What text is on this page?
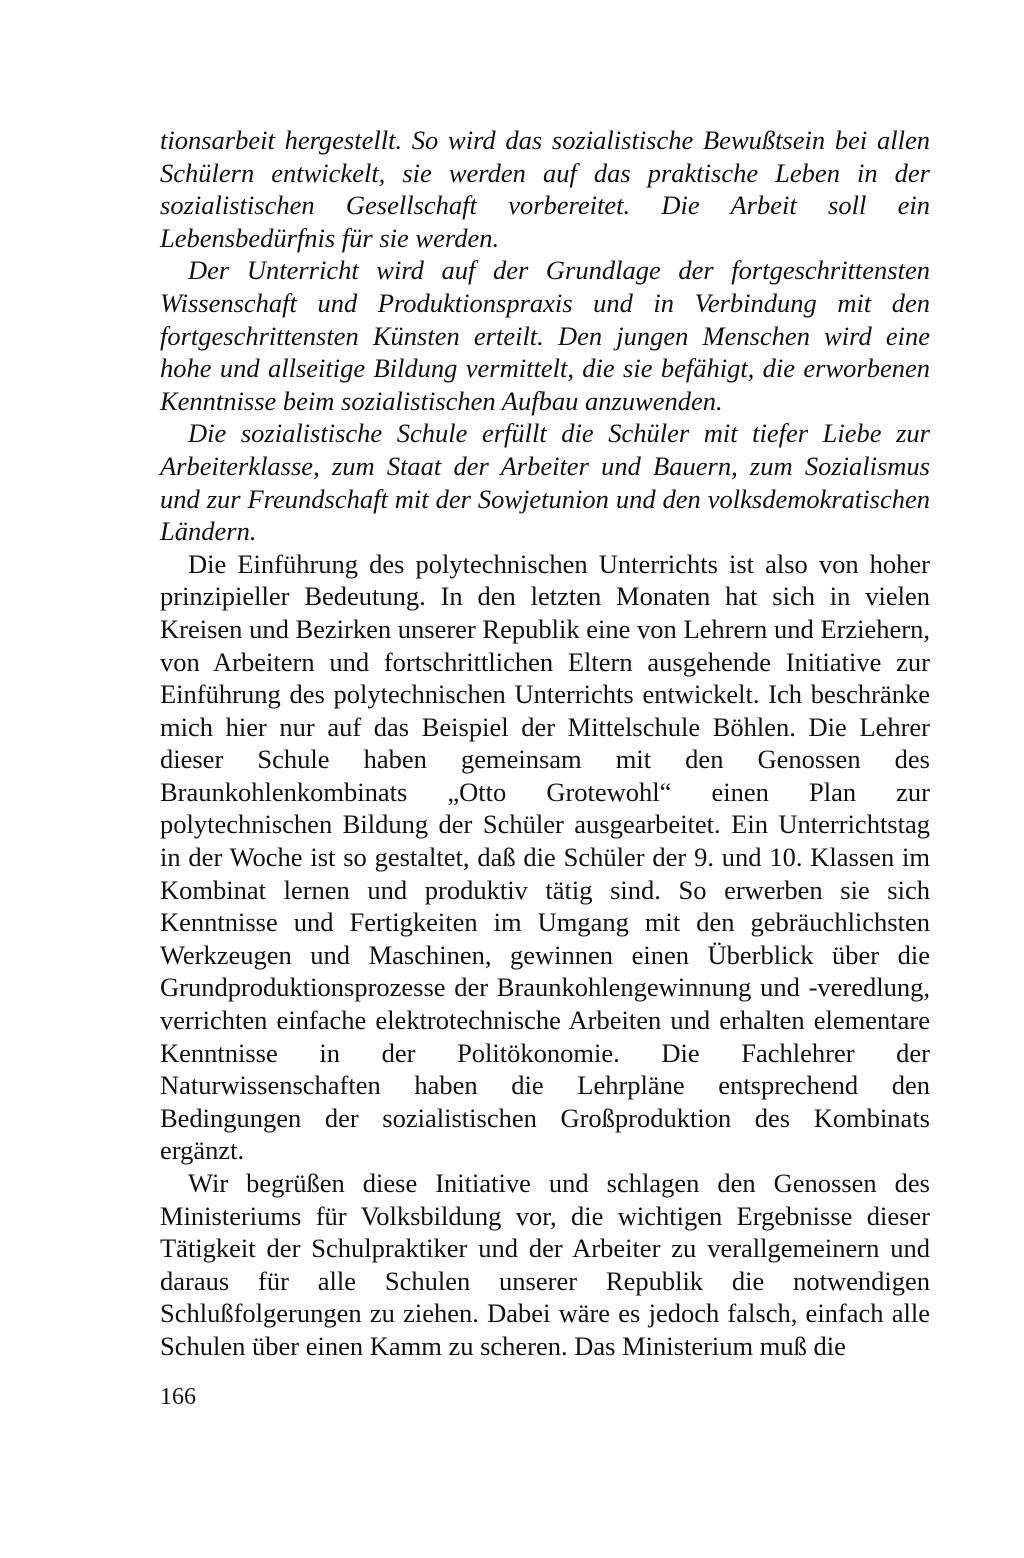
tionsarbeit hergestellt. So wird das sozialistische Bewußtsein bei allen Schülern entwickelt, sie werden auf das praktische Leben in der sozialistischen Gesellschaft vorbereitet. Die Arbeit soll ein Lebensbedürfnis für sie werden.

Der Unterricht wird auf der Grundlage der fortgeschrittensten Wissenschaft und Produktionspraxis und in Verbindung mit den fortgeschrittensten Künsten erteilt. Den jungen Menschen wird eine hohe und allseitige Bildung vermittelt, die sie befähigt, die erworbenen Kenntnisse beim sozialistischen Aufbau anzuwenden.

Die sozialistische Schule erfüllt die Schüler mit tiefer Liebe zur Arbeiterklasse, zum Staat der Arbeiter und Bauern, zum Sozialismus und zur Freundschaft mit der Sowjetunion und den volksdemokratischen Ländern.

Die Einführung des polytechnischen Unterrichts ist also von hoher prinzipieller Bedeutung. In den letzten Monaten hat sich in vielen Kreisen und Bezirken unserer Republik eine von Lehrern und Erziehern, von Arbeitern und fortschrittlichen Eltern ausgehende Initiative zur Einführung des polytechnischen Unterrichts entwickelt. Ich beschränke mich hier nur auf das Beispiel der Mittelschule Böhlen. Die Lehrer dieser Schule haben gemeinsam mit den Genossen des Braunkohlenkombinats „Otto Grotewohl“ einen Plan zur polytechnischen Bildung der Schüler ausgearbeitet. Ein Unterrichtstag in der Woche ist so gestaltet, daß die Schüler der 9. und 10. Klassen im Kombinat lernen und produktiv tätig sind. So erwerben sie sich Kenntnisse und Fertigkeiten im Umgang mit den gebräuchlichsten Werkzeugen und Maschinen, gewinnen einen Überblick über die Grundproduktionsprozesse der Braunkohlengewinnung und -veredlung, verrichten einfache elektrotechnische Arbeiten und erhalten elementare Kenntnisse in der Politökonomie. Die Fachlehrer der Naturwissenschaften haben die Lehrpläne entsprechend den Bedingungen der sozialistischen Großproduktion des Kombinats ergänzt.

Wir begrüßen diese Initiative und schlagen den Genossen des Ministeriums für Volksbildung vor, die wichtigen Ergebnisse dieser Tätigkeit der Schulpraktiker und der Arbeiter zu verallgemeinern und daraus für alle Schulen unserer Republik die notwendigen Schlußfolgerungen zu ziehen. Dabei wäre es jedoch falsch, einfach alle Schulen über einen Kamm zu scheren. Das Ministerium muß die

166
